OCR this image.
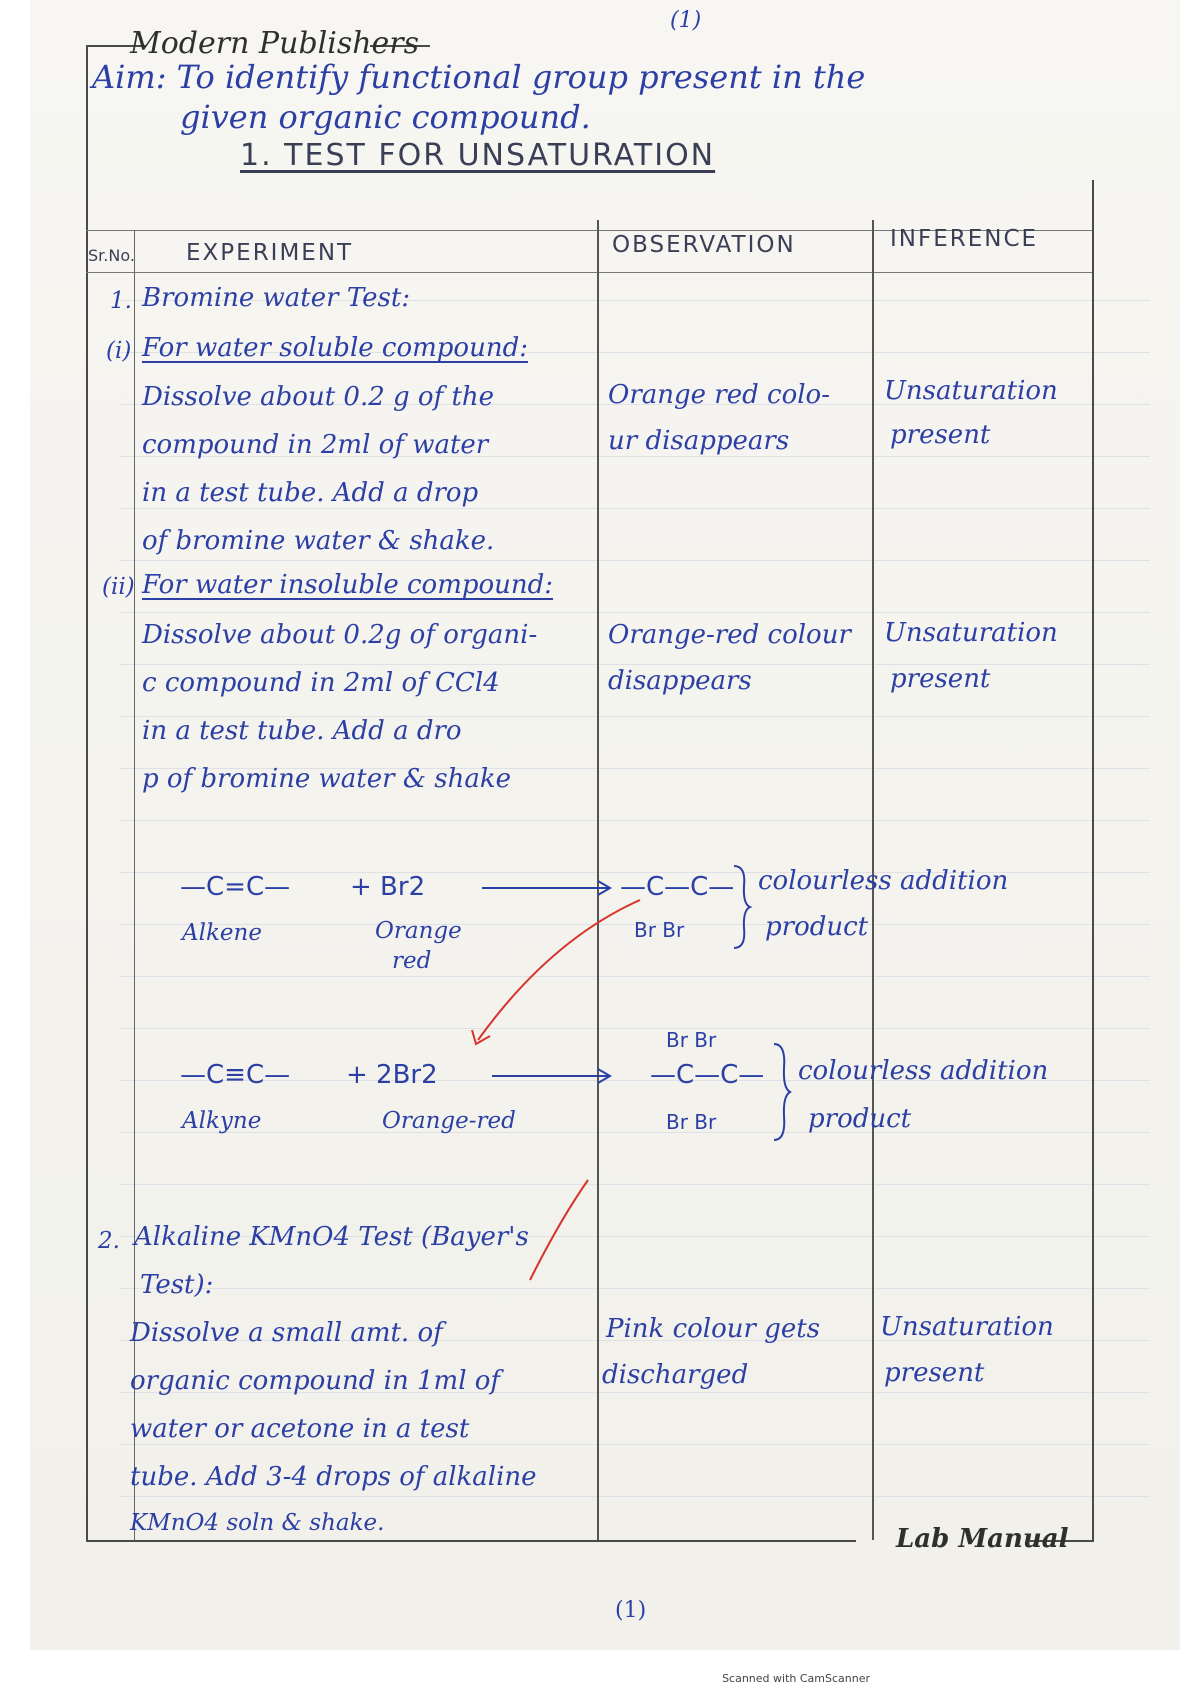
Modern Publishers
(1)
Aim: To identify functional group present in the
given organic compound.
1. TEST FOR UNSATURATION
Sr.No. EXPERIMENT	OBSERVATION	INFERENCE
1. Bromine water Test:
(i) For water soluble compound:
Dissolve about 0.2 g of the
compound in 2ml of water
in a test tube. Add a drop
of bromine water & shake.
Orange red colo-
ur disappears
Unsaturation
present
(ii) For water insoluble compound:
Dissolve about 0.2g of organi-
c compound in 2ml of CCl4
in a test tube. Add a dro
p of bromine water & shake
Orange-red colour
disappears
Unsaturation
present
—C=C—
Alkene
+ Br2
Orange
red
—C—C—
Br Br
colourless addition
product
Br Br
—C≡C—
Alkyne
+ 2Br2
Orange-red
—C—C—
Br Br
colourless addition
product
2. Alkaline KMnO4 Test (Bayer's
Test):
Dissolve a small amt. of
organic compound in 1ml of
water or acetone in a test
tube. Add 3-4 drops of alkaline
KMnO4 soln & shake.
Pink colour gets
discharged
Unsaturation
present
Lab Manual
(1)
Scanned with CamScanner
